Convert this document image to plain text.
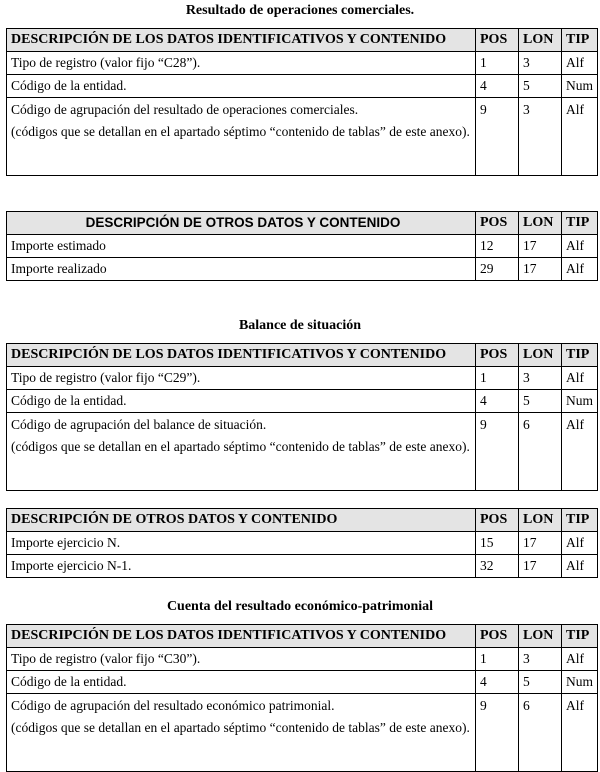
Resultado de operaciones comerciales.
DESCRIPCIÓN DE LOS DATOS IDENTIFICATIVOS Y CONTENIDO	POS	LON	TIP
Tipo de registro (valor fijo “C28”).	1	3	Alf
Código de la entidad.	4	5	Num

Código de agrupación del resultado de operaciones comerciales.
(códigos que se detallan en el apartado séptimo “contenido de tablas” de este anexo).	9	3	Alf
DESCRIPCIÓN DE OTROS DATOS Y CONTENIDO	POS	LON	TIP
Importe estimado	12	17	Alf
Importe realizado	29	17	Alf
Balance de situación
DESCRIPCIÓN DE LOS DATOS IDENTIFICATIVOS Y CONTENIDO	POS	LON	TIP
Tipo de registro (valor fijo “C29”).	1	3	Alf
Código de la entidad.	4	5	Num

Código de agrupación del balance de situación.
(códigos que se detallan en el apartado séptimo “contenido de tablas” de este anexo).	9	6	Alf
DESCRIPCIÓN DE OTROS DATOS Y CONTENIDO	POS	LON	TIP
Importe ejercicio N.	15	17	Alf
Importe ejercicio N-1.	32	17	Alf
Cuenta del resultado económico-patrimonial
DESCRIPCIÓN DE LOS DATOS IDENTIFICATIVOS Y CONTENIDO	POS	LON	TIP
Tipo de registro (valor fijo “C30”).	1	3	Alf
Código de la entidad.	4	5	Num

Código de agrupación del resultado económico patrimonial.
(códigos que se detallan en el apartado séptimo “contenido de tablas” de este anexo).	9	6	Alf
